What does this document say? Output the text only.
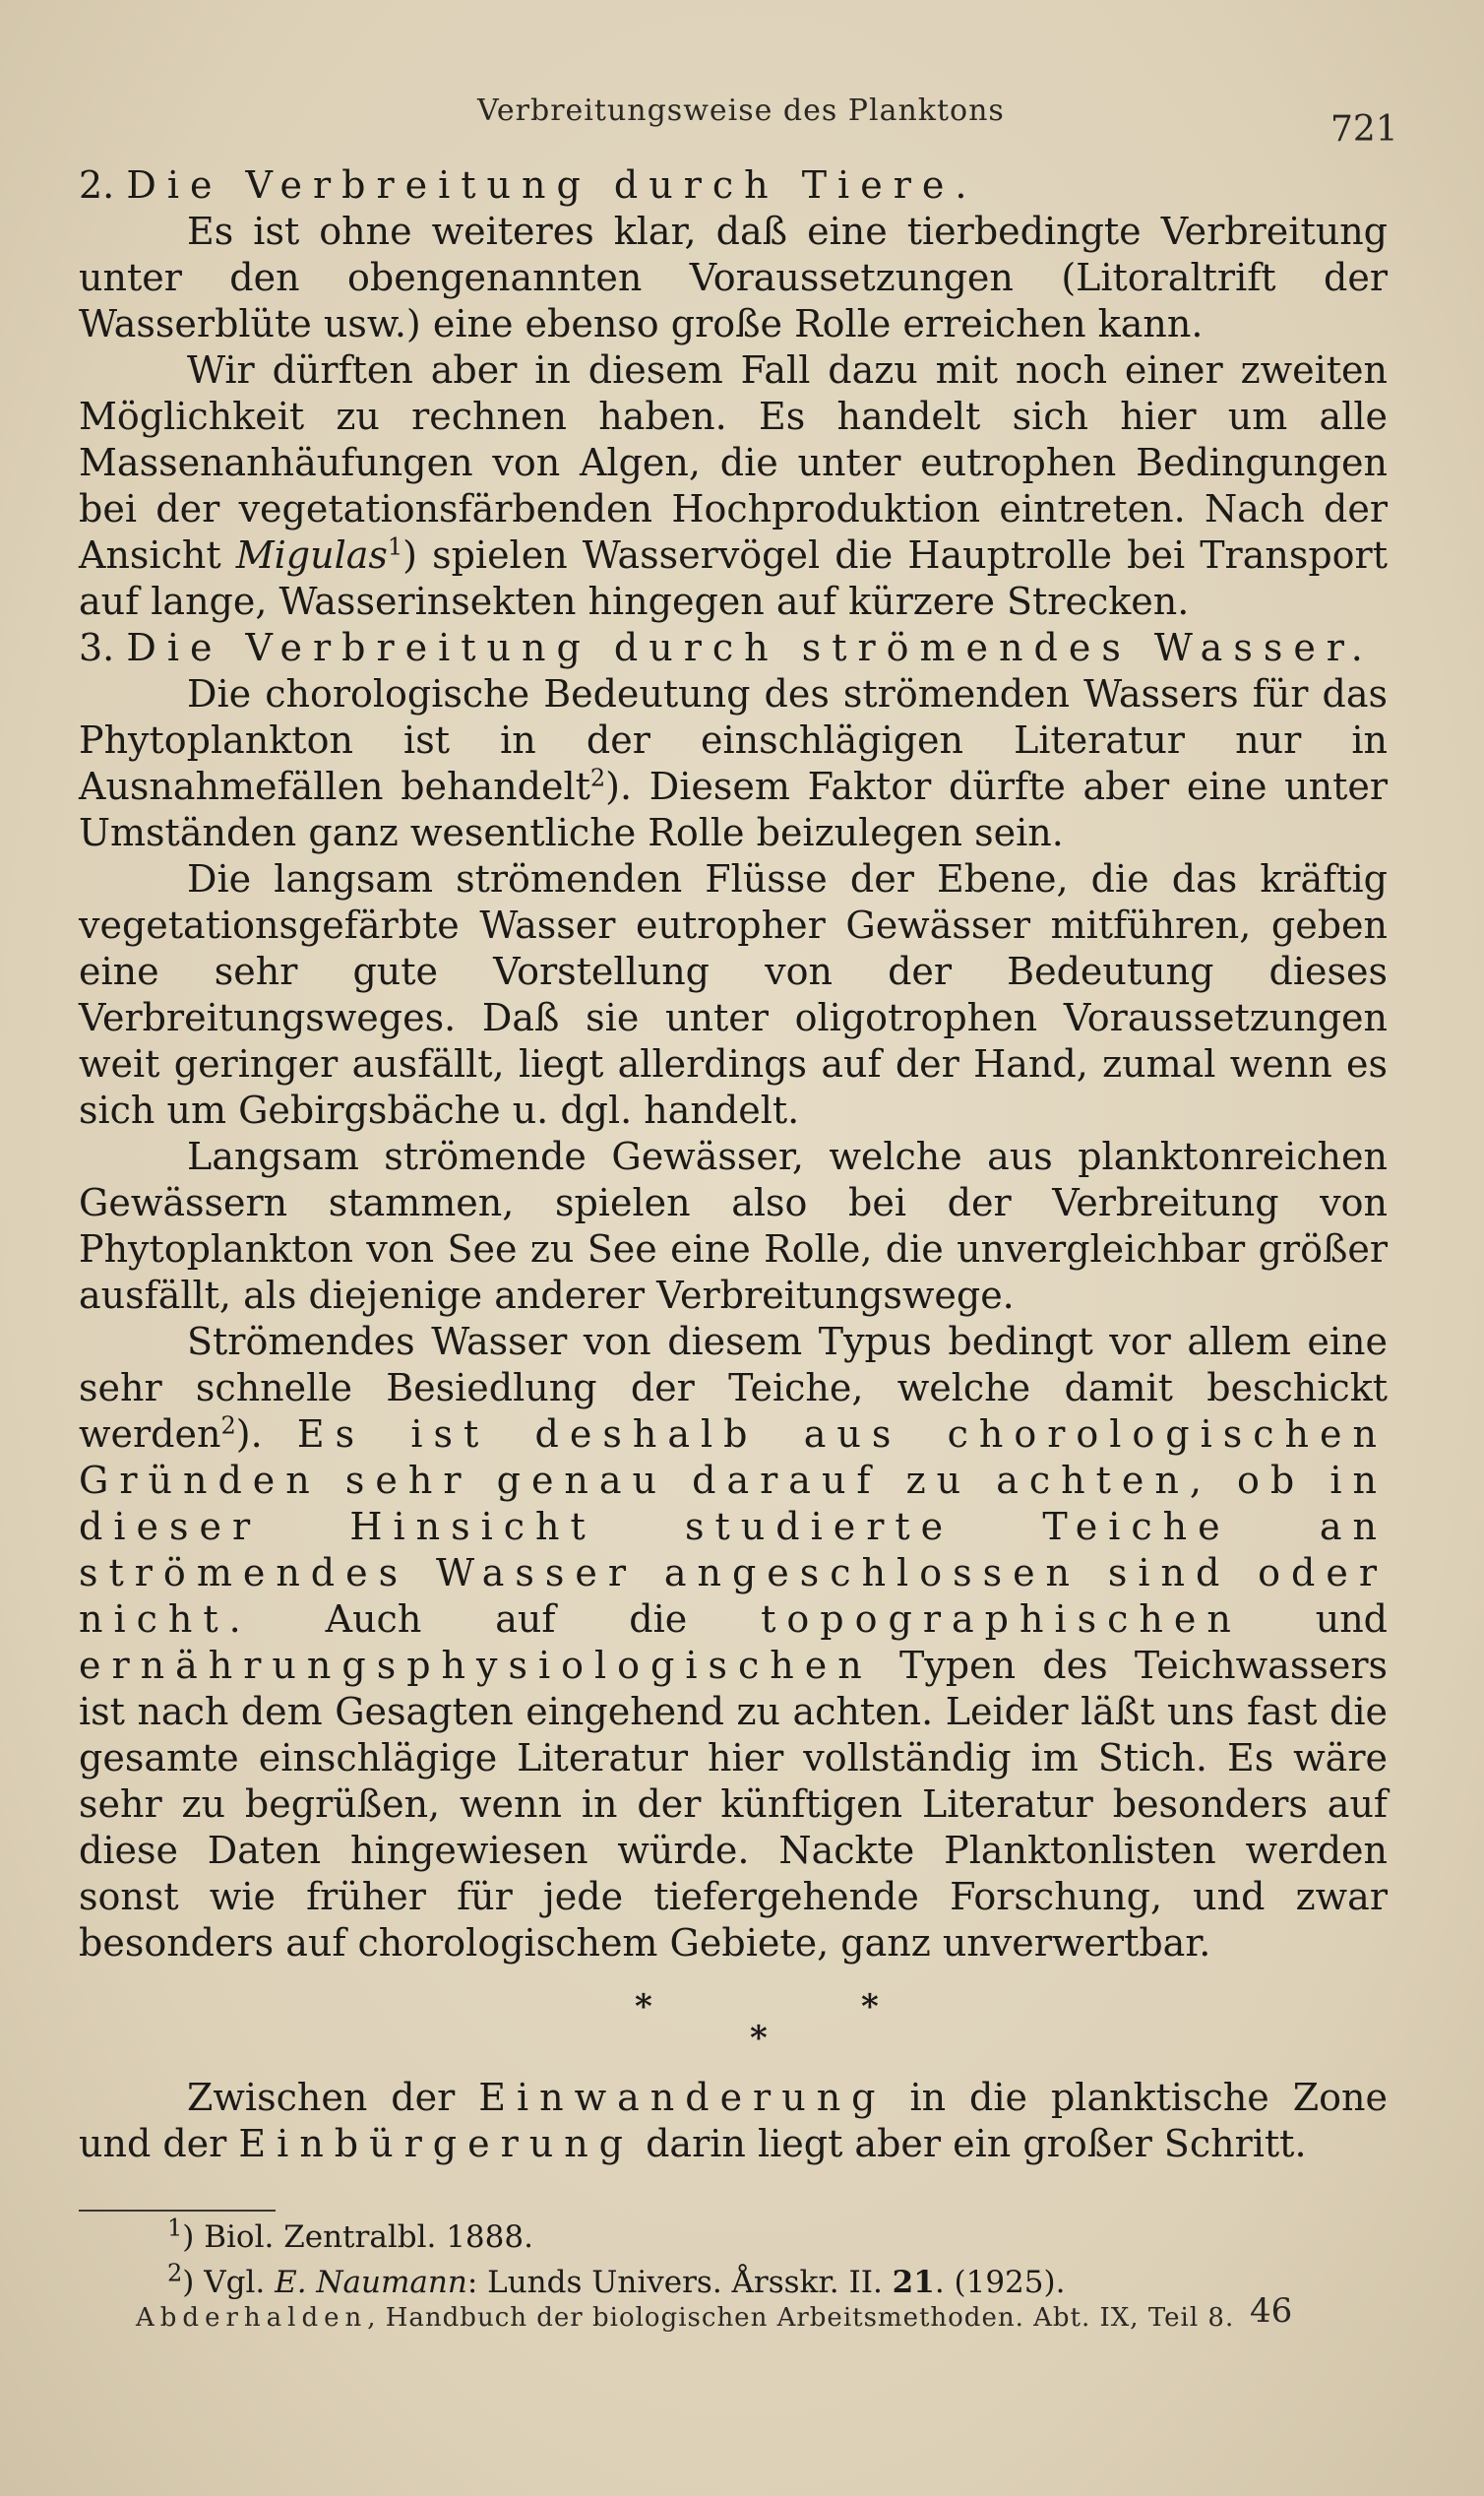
Verbreitungsweise des Planktons	721

2. Die Verbreitung durch Tiere.

Es ist ohne weiteres klar, daß eine tierbedingte Verbreitung unter den obengenannten Voraussetzungen (Litoraltrift der Wasserblüte usw.) eine ebenso große Rolle erreichen kann.

Wir dürften aber in diesem Fall dazu mit noch einer zweiten Möglichkeit zu rechnen haben. Es handelt sich hier um alle Massenanhäufungen von Algen, die unter eutrophen Bedingungen bei der vegetationsfärbenden Hochproduktion eintreten. Nach der Ansicht Migulas$^1$) spielen Wasservögel die Hauptrolle bei Transport auf lange, Wasserinsekten hingegen auf kürzere Strecken.

3. Die Verbreitung durch strömendes Wasser.

Die chorologische Bedeutung des strömenden Wassers für das Phytoplankton ist in der einschlägigen Literatur nur in Ausnahmefällen behandelt$^2$). Diesem Faktor dürfte aber eine unter Umständen ganz wesentliche Rolle beizulegen sein.

Die langsam strömenden Flüsse der Ebene, die das kräftig vegetationsgefärbte Wasser eutropher Gewässer mitführen, geben eine sehr gute Vorstellung von der Bedeutung dieses Verbreitungsweges. Daß sie unter oligotrophen Voraussetzungen weit geringer ausfällt, liegt allerdings auf der Hand, zumal wenn es sich um Gebirgsbäche u. dgl. handelt.

Langsam strömende Gewässer, welche aus planktonreichen Gewässern stammen, spielen also bei der Verbreitung von Phytoplankton von See zu See eine Rolle, die unvergleichbar größer ausfällt, als diejenige anderer Verbreitungswege.

Strömendes Wasser von diesem Typus bedingt vor allem eine sehr schnelle Besiedlung der Teiche, welche damit beschickt werden$^2$). Es ist deshalb aus chorologischen Gründen sehr genau darauf zu achten, ob in dieser Hinsicht studierte Teiche an strömendes Wasser angeschlossen sind oder nicht. Auch auf die topographischen und ernährungsphysiologischen Typen des Teichwassers ist nach dem Gesagten eingehend zu achten. Leider läßt uns fast die gesamte einschlägige Literatur hier vollständig im Stich. Es wäre sehr zu begrüßen, wenn in der künftigen Literatur besonders auf diese Daten hingewiesen würde. Nackte Planktonlisten werden sonst wie früher für jede tiefergehende Forschung, und zwar besonders auf chorologischem Gebiete, ganz unverwertbar.

*	*
*

Zwischen der Einwanderung in die planktische Zone und der Einbürgerung darin liegt aber ein großer Schritt.

$^1$) Biol. Zentralbl. 1888.
$^2$) Vgl. E. Naumann: Lunds Univers. Årsskr. II. 21. (1925).
Abderhalden, Handbuch der biologischen Arbeitsmethoden. Abt. IX, Teil 8. 46
